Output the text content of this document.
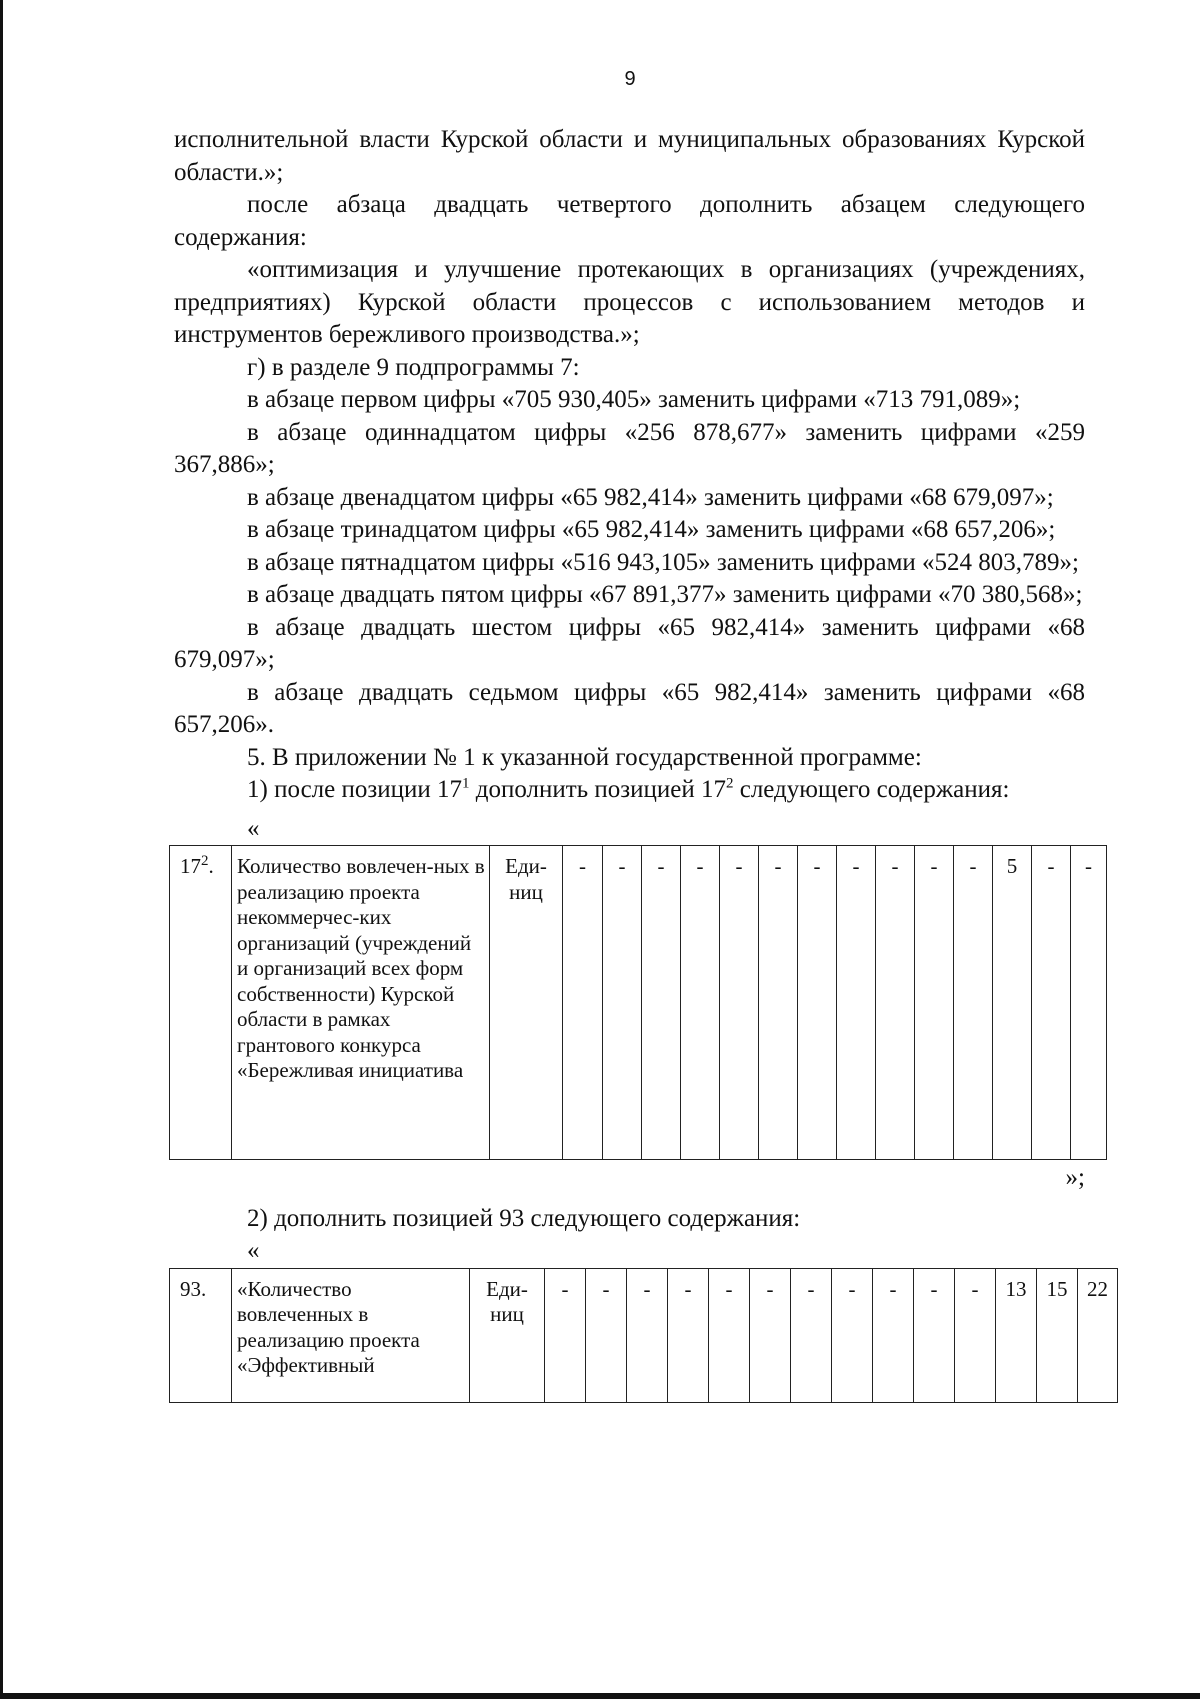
9
исполнительной власти Курской области и муниципальных образованиях Курской области.»;
после абзаца двадцать четвертого дополнить абзацем следующего содержания:
«оптимизация и улучшение протекающих в организациях (учреждениях, предприятиях) Курской области процессов с использованием методов и инструментов бережливого производства.»;
г) в разделе 9 подпрограммы 7:
в абзаце первом цифры «705 930,405» заменить цифрами «713 791,089»;
в абзаце одиннадцатом цифры «256 878,677» заменить цифрами «259 367,886»;
в абзаце двенадцатом цифры «65 982,414» заменить цифрами «68 679,097»;
в абзаце тринадцатом цифры «65 982,414» заменить цифрами «68 657,206»;
в абзаце пятнадцатом цифры «516 943,105» заменить цифрами «524 803,789»;
в абзаце двадцать пятом цифры «67 891,377» заменить цифрами «70 380,568»;
в абзаце двадцать шестом цифры «65 982,414» заменить цифрами «68 679,097»;
в абзаце двадцать седьмом цифры «65 982,414» заменить цифрами «68 657,206».
5. В приложении № 1 к указанной государственной программе:
1) после позиции $17^1$ дополнить позицией $17^2$ следующего содержания:
«
$17^2$.	Количество вовлечен-ных в реализацию проекта некоммерчес-ких организаций (учреждений и организаций всех форм собственности) Курской области в рамках грантового конкурса «Бережливая инициатива	Еди-ниц	-	-	-	-	-	-	-	-	-	-	-	5	-	-
»;
2) дополнить позицией 93 следующего содержания:
«
93.	«Количество вовлеченных в реализацию проекта «Эффективный	Еди-ниц	-	-	-	-	-	-	-	-	-	-	-	13	15	22
